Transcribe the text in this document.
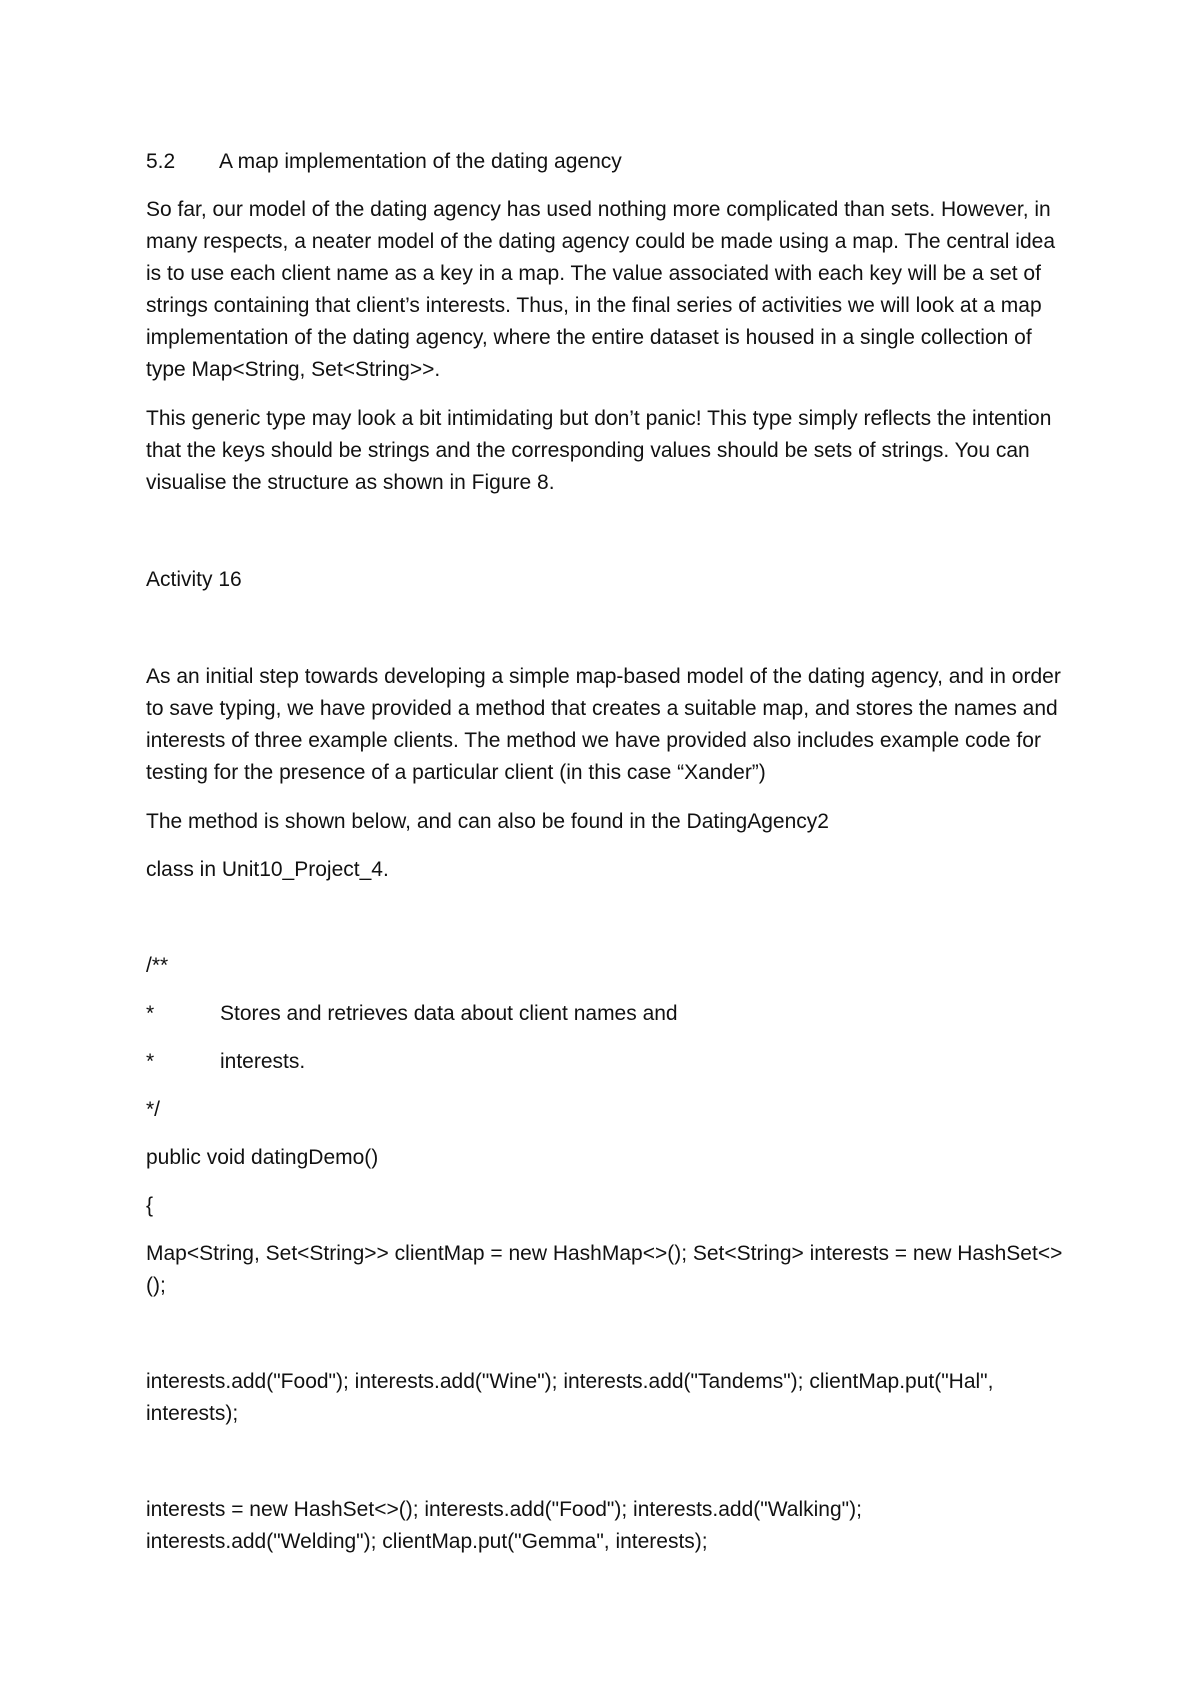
5.2 A map implementation of the dating agency

So far, our model of the dating agency has used nothing more complicated than sets. However, in many respects, a neater model of the dating agency could be made using a map. The central idea is to use each client name as a key in a map. The value associated with each key will be a set of strings containing that client’s interests. Thus, in the final series of activities we will look at a map implementation of the dating agency, where the entire dataset is housed in a single collection of type Map<String, Set<String>>.

This generic type may look a bit intimidating but don’t panic! This type simply reflects the intention that the keys should be strings and the corresponding values should be sets of strings. You can visualise the structure as shown in Figure 8.

Activity 16

As an initial step towards developing a simple map-based model of the dating agency, and in order to save typing, we have provided a method that creates a suitable map, and stores the names and interests of three example clients. The method we have provided also includes example code for testing for the presence of a particular client (in this case “Xander”)

The method is shown below, and can also be found in the DatingAgency2

class in Unit10_Project_4.

/**
*	Stores and retrieves data about client names and
*	interests.
*/
public void datingDemo()
{

Map<String, Set<String>> clientMap = new HashMap<>(); Set<String> interests = new HashSet<>();

interests.add("Food"); interests.add("Wine"); interests.add("Tandems"); clientMap.put("Hal", interests);

interests = new HashSet<>(); interests.add("Food"); interests.add("Walking"); interests.add("Welding"); clientMap.put("Gemma", interests);
